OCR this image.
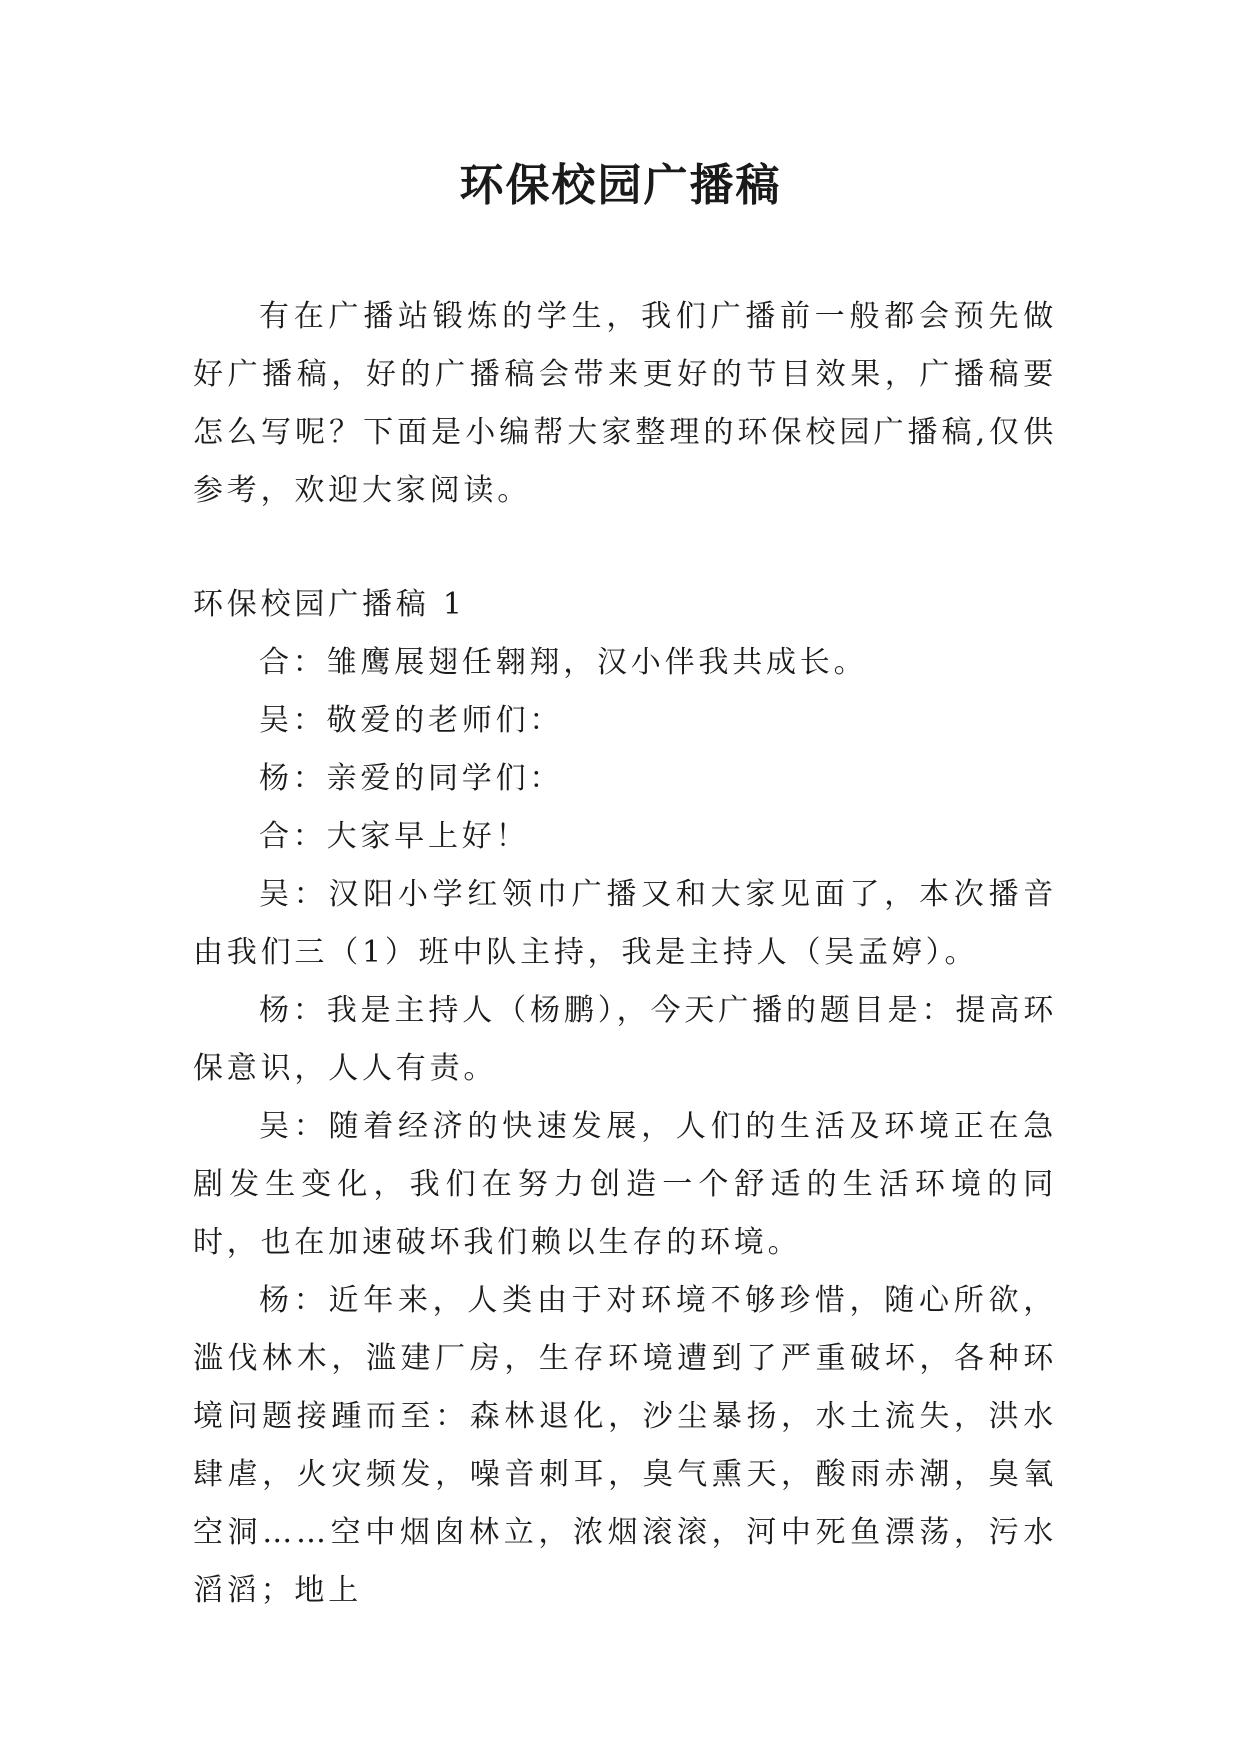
环保校园广播稿

有在广播站锻炼的学生，我们广播前一般都会预先做好广播稿，好的广播稿会带来更好的节目效果，广播稿要怎么写呢？下面是小编帮大家整理的环保校园广播稿,仅供参考，欢迎大家阅读。

环保校园广播稿 1

合：雏鹰展翅任翱翔，汉小伴我共成长。

吴：敬爱的老师们：

杨：亲爱的同学们：

合：大家早上好！

吴：汉阳小学红领巾广播又和大家见面了，本次播音由我们三（1）班中队主持，我是主持人（吴孟婷）。

杨：我是主持人（杨鹏），今天广播的题目是：提高环保意识，人人有责。

吴：随着经济的快速发展，人们的生活及环境正在急剧发生变化，我们在努力创造一个舒适的生活环境的同时，也在加速破坏我们赖以生存的环境。

杨：近年来，人类由于对环境不够珍惜，随心所欲，滥伐林木，滥建厂房，生存环境遭到了严重破坏，各种环境问题接踵而至：森林退化，沙尘暴扬，水土流失，洪水肆虐，火灾频发，噪音刺耳，臭气熏天，酸雨赤潮，臭氧空洞……空中烟囱林立，浓烟滚滚，河中死鱼漂荡，污水滔滔；地上
